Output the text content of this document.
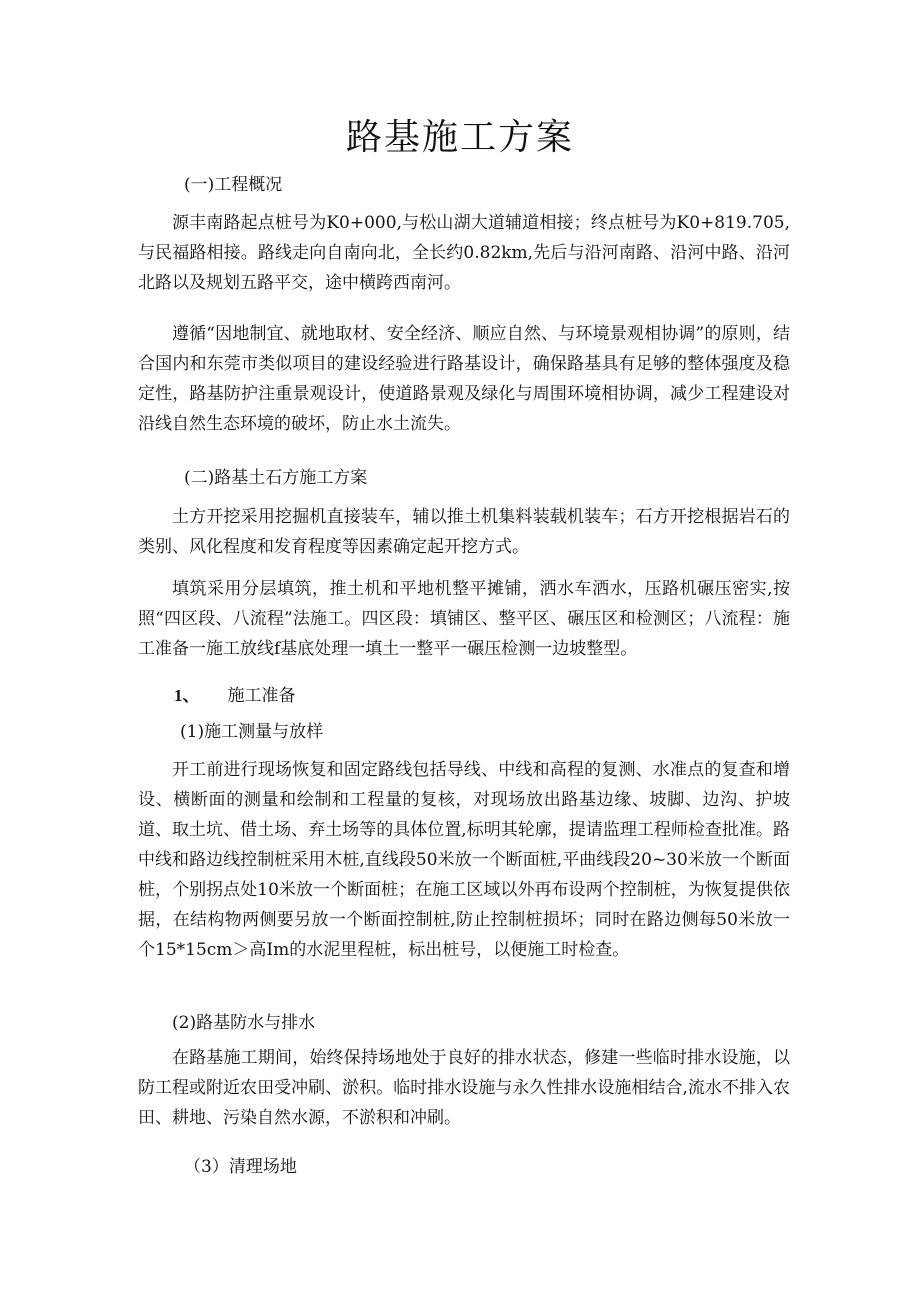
路基施工方案
(一)工程概况

源丰南路起点桩号为K0+000,与松山湖大道辅道相接；终点桩号为K0+819.705,与民福路相接。路线走向自南向北，全长约0.82km,先后与沿河南路、沿河中路、沿河北路以及规划五路平交，途中横跨西南河。

遵循“因地制宜、就地取材、安全经济、顺应自然、与环境景观相协调”的原则，结合国内和东莞市类似项目的建设经验进行路基设计，确保路基具有足够的整体强度及稳定性，路基防护注重景观设计，使道路景观及绿化与周围环境相协调，减少工程建设对沿线自然生态环境的破坏，防止水土流失。

(二)路基土石方施工方案

土方开挖采用挖掘机直接装车，辅以推土机集料装载机装车；石方开挖根据岩石的类别、风化程度和发育程度等因素确定起开挖方式。

填筑采用分层填筑，推土机和平地机整平摊铺，洒水车洒水，压路机碾压密实,按照“四区段、八流程”法施工。四区段：填铺区、整平区、碾压区和检测区；八流程：施工准备一施工放线f基底处理一填土一整平一碾压检测一边坡整型。

1、 施工准备
(1)施工测量与放样

开工前进行现场恢复和固定路线包括导线、中线和高程的复测、水准点的复查和增设、横断面的测量和绘制和工程量的复核，对现场放出路基边缘、坡脚、边沟、护坡道、取土坑、借土场、弃土场等的具体位置,标明其轮廓，提请监理工程师检查批准。路中线和路边线控制桩采用木桩,直线段50米放一个断面桩,平曲线段20~30米放一个断面桩，个别拐点处10米放一个断面桩；在施工区域以外再布设两个控制桩，为恢复提供依据，在结构物两侧要另放一个断面控制桩,防止控制桩损坏；同时在路边侧每50米放一个15*15cm＞高Im的水泥里程桩，标出桩号，以便施工时检查。

(2)路基防水与排水

在路基施工期间，始终保持场地处于良好的排水状态，修建一些临时排水设施，以防工程或附近农田受冲刷、淤积。临时排水设施与永久性排水设施相结合,流水不排入农田、耕地、污染自然水源，不淤积和冲刷。

（3）清理场地
